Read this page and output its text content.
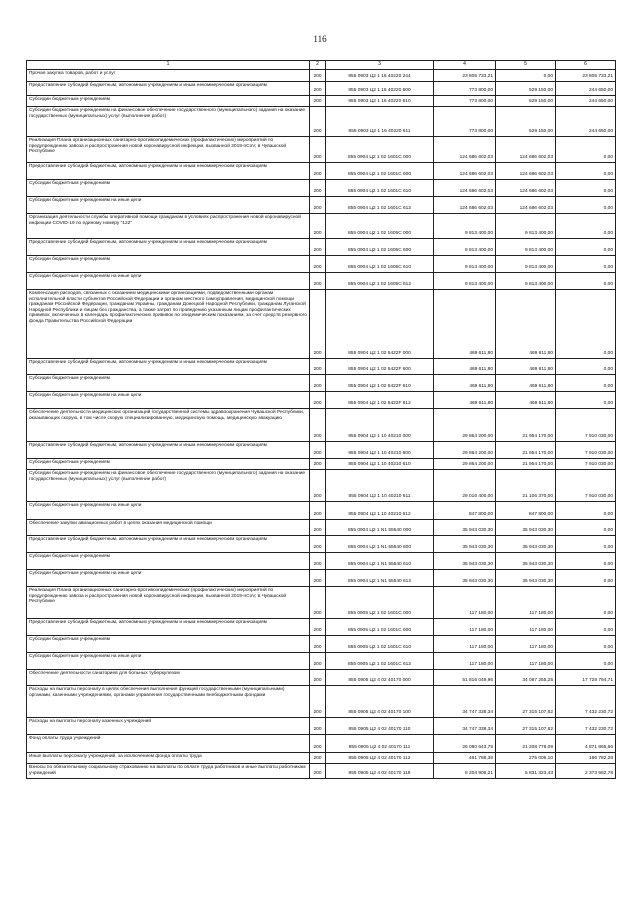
116
1	2	3	4	5	6
Прочая закупка товаров, работ и услуг	200	855 0903 Ц2 1 16 40220 244	23 805 733,21	0,00	23 805 733,21
Предоставление субсидий бюджетным, автономным учреждениям и иным некоммерческим организациям	200	855 0903 Ц2 1 16 40220 600	773 800,00	529 150,00	244 650,00
Субсидии бюджетным учреждениям	200	855 0903 Ц2 1 16 40220 610	773 800,00	529 150,00	244 650,00
Субсидии бюджетным учреждениям на финансовое обеспечение государственного (муниципального) задания на оказание государственных (муниципальных) услуг (выполнение работ)	200	855 0903 Ц2 1 16 40220 611	773 800,00	529 150,00	244 650,00
Реализация Плана организационных санитарно-противоэпидемических (профилактических) мероприятий по предупреждению завоза и распространения новой коронавирусной инфекции, вызванной 2019-nCoV, в Чувашской Республике	200	855 0904 Ц2 1 02 1601С 000	124 686 602,03	124 686 602,03	0,00
Предоставление субсидий бюджетным, автономным учреждениям и иным некоммерческим организациям	200	855 0904 Ц2 1 02 1601С 600	124 686 602,03	124 686 602,03	0,00
Субсидии бюджетным учреждениям	200	855 0904 Ц2 1 02 1601С 610	124 686 602,03	124 686 602,03	0,00
Субсидии бюджетным учреждениям на иные цели	200	855 0904 Ц2 1 02 1601С 612	124 686 602,03	124 686 602,03	0,00
Организация деятельности службы оперативной помощи гражданам в условиях распространения новой коронавирусной инфекции COVID-19 по единому номеру "122"	200	855 0904 Ц2 1 02 1605С 000	9 813 400,00	9 813 400,00	0,00
Предоставление субсидий бюджетным, автономным учреждениям и иным некоммерческим организациям	200	855 0904 Ц2 1 02 1605С 600	9 813 400,00	9 813 400,00	0,00
Субсидии бюджетным учреждениям	200	855 0904 Ц2 1 02 1605С 610	9 813 400,00	9 813 400,00	0,00
Субсидии бюджетным учреждениям на иные цели	200	855 0904 Ц2 1 02 1605С 612	9 813 400,00	9 813 400,00	0,00
Компенсация расходов, связанных с оказанием медицинскими организациями, подведомственными органам исполнительной власти субъектов Российской Федерации и органам местного самоуправления, медицинской помощи гражданам Российской Федерации, гражданам Украины, гражданам Донецкой Народной Республики, гражданам Луганской Народной Республики и лицам без гражданства, а также затрат по проведению указанным лицам профилактических прививок, включенных в календарь профилактических прививок по эпидемическим показаниям, за счет средств резервного фонда Правительства Российской Федерации	200	855 0904 Ц2 1 02 5422F 000	469 611,80	469 611,80	0,00
Предоставление субсидий бюджетным, автономным учреждениям и иным некоммерческим организациям	200	855 0904 Ц2 1 02 5422F 600	469 611,80	469 611,80	0,00
Субсидии бюджетным учреждениям	200	855 0904 Ц2 1 02 5422F 610	469 611,80	469 611,80	0,00
Субсидии бюджетным учреждениям на иные цели	200	855 0904 Ц2 1 02 5422F 612	469 611,80	469 611,80	0,00
Обеспечение деятельности медицинских организаций государственной системы здравоохранения Чувашской Республики, оказывающих скорую, в том числе скорую специализированную, медицинскую помощь, медицинскую эвакуацию	200	855 0904 Ц2 1 10 40210 000	29 864 200,00	21 954 170,00	7 910 030,00
Предоставление субсидий бюджетным, автономным учреждениям и иным некоммерческим организациям	200	855 0904 Ц2 1 10 40210 600	29 864 200,00	21 954 170,00	7 910 030,00
Субсидии бюджетным учреждениям	200	855 0904 Ц2 1 10 40210 610	29 864 200,00	21 954 170,00	7 910 030,00
Субсидии бюджетным учреждениям на финансовое обеспечение государственного (муниципального) задания на оказание государственных (муниципальных) услуг (выполнение работ)	200	855 0904 Ц2 1 10 40210 611	29 016 400,00	21 106 370,00	7 910 030,00
Субсидии бюджетным учреждениям на иные цели	200	855 0904 Ц2 1 10 40210 612	847 800,00	847 800,00	0,00
Обеспечение закупки авиационных работ в целях оказания медицинской помощи	200	855 0904 Ц2 1 N1 55540 000	35 943 030,30	35 943 030,30	0,00
Предоставление субсидий бюджетным, автономным учреждениям и иным некоммерческим организациям	200	855 0904 Ц2 1 N1 55540 600	35 943 030,30	35 943 030,30	0,00
Субсидии бюджетным учреждениям	200	855 0904 Ц2 1 N1 55540 610	35 943 030,30	35 943 030,30	0,00
Субсидии бюджетным учреждениям на иные цели	200	855 0904 Ц2 1 N1 55540 612	35 943 030,30	35 943 030,30	0,00
Реализация Плана организационных санитарно-противоэпидемических (профилактических) мероприятий по предупреждению завоза и распространения новой коронавирусной инфекции, вызванной 2019-nCoV, в Чувашской Республике	200	855 0905 Ц2 1 02 1601С 000	117 180,00	117 180,00	0,00
Предоставление субсидий бюджетным, автономным учреждениям и иным некоммерческим организациям	200	855 0905 Ц2 1 02 1601С 600	117 180,00	117 180,00	0,00
Субсидии бюджетным учреждениям	200	855 0905 Ц2 1 02 1601С 610	117 180,00	117 180,00	0,00
Субсидии бюджетным учреждениям на иные цели	200	855 0905 Ц2 1 02 1601С 612	117 180,00	117 180,00	0,00
Обеспечение деятельности санаториев для больных туберкулезом	200	855 0905 Ц2 4 02 40170 000	51 816 049,96	34 087 255,25	17 728 794,71
Расходы на выплаты персоналу в целях обеспечения выполнения функций государственными (муниципальными) органами, казенными учреждениями, органами управления государственными внебюджетными фондами	200	855 0905 Ц2 4 02 40170 100	34 747 338,34	27 315 107,62	7 432 230,72
Расходы на выплаты персоналу казенных учреждений	200	855 0905 Ц2 4 02 40170 110	34 747 338,34	27 315 107,62	7 432 230,72
Фонд оплаты труда учреждений	200	855 0905 Ц2 4 02 40170 111	26 080 643,75	21 208 778,09	4 871 865,66
Иные выплаты персоналу учреждений, за исключением фонда оплаты труда	200	855 0905 Ц2 4 02 40170 112	461 788,38	275 006,10	186 782,28
Взносы по обязательному социальному страхованию на выплаты по оплате труда работников и иные выплаты работникам учреждений	200	855 0905 Ц2 4 02 40170 119	8 204 906,21	5 831 323,43	2 373 582,78
